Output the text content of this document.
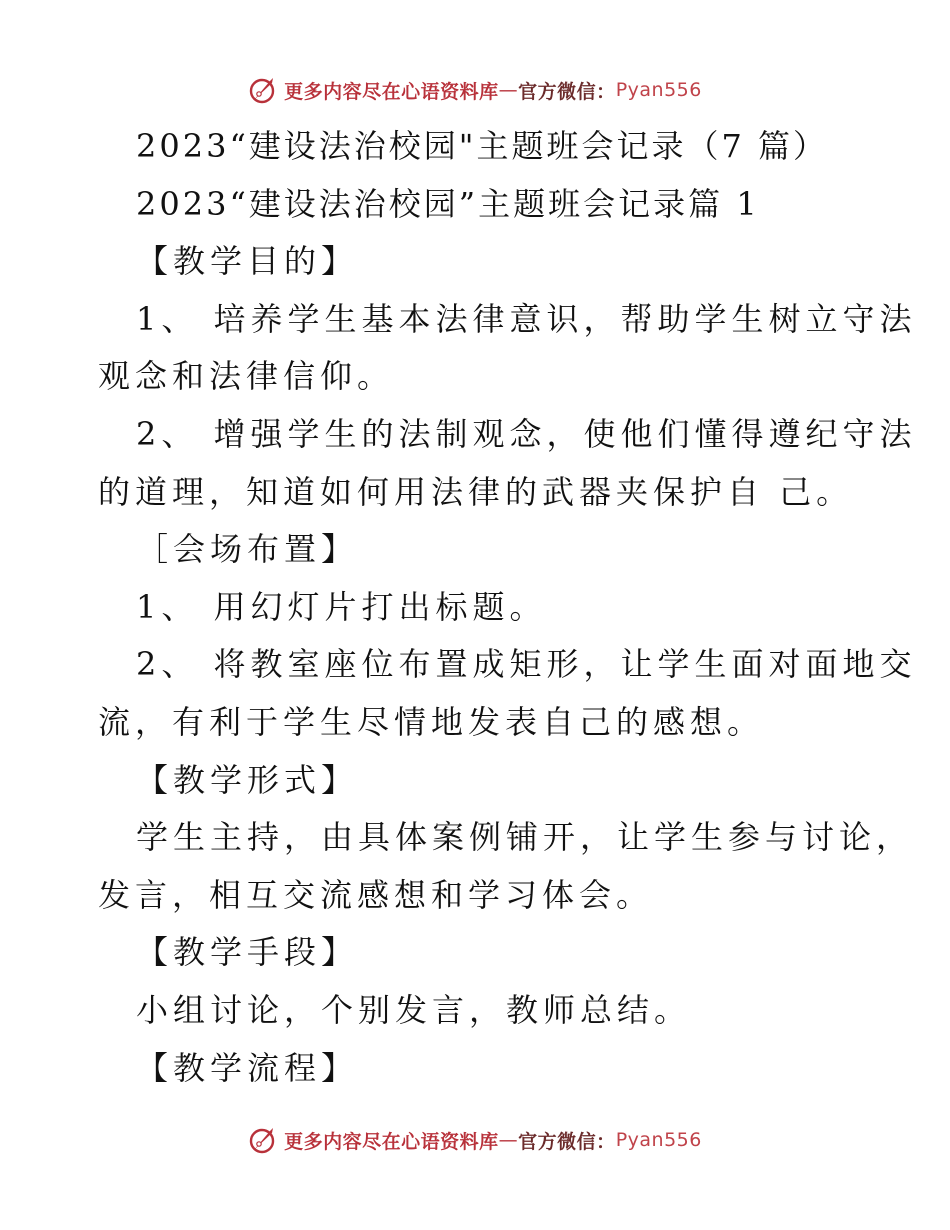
更多内容尽在心语资料库 — 官方微信： Pyan556
2023“建设法治校园"主题班会记录（7 篇）
2023“建设法治校园”主题班会记录篇 1
【教学目的】
1、 培养学生基本法律意识，帮助学生树立守法
观念和法律信仰。
2、 增强学生的法制观念，使他们懂得遵纪守法
的道理，知道如何用法律的武器夹保护自 己。
［会场布置】
1、 用幻灯片打出标题。
2、 将教室座位布置成矩形，让学生面对面地交
流，有利于学生尽情地发表自己的感想。
【教学形式】
学生主持，由具体案例铺开，让学生参与讨论，
发言，相互交流感想和学习体会。
【教学手段】
小组讨论，个别发言，教师总结。
【教学流程】
更多内容尽在心语资料库 — 官方微信： Pyan556
